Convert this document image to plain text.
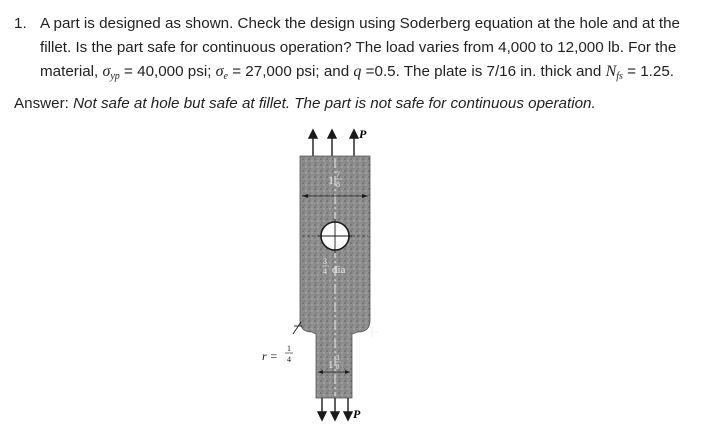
1. A part is designed as shown. Check the design using Soderberg equation at the hole and at the
fillet. Is the part safe for continuous operation? The load varies from 4,000 to 12,000 lb. For the
material, $\sigma_{yp} = 40,000$ psi; $\sigma_e = 27,000$ psi; and q =0.5. The plate is 7/16 in. thick and $N_{fs} = 1.25$.
Answer: Not safe at hole but safe at fillet. The part is not safe for continuous operation.
P
1 7
8
3
4 dia
r =
1
4	1
3
8
P
